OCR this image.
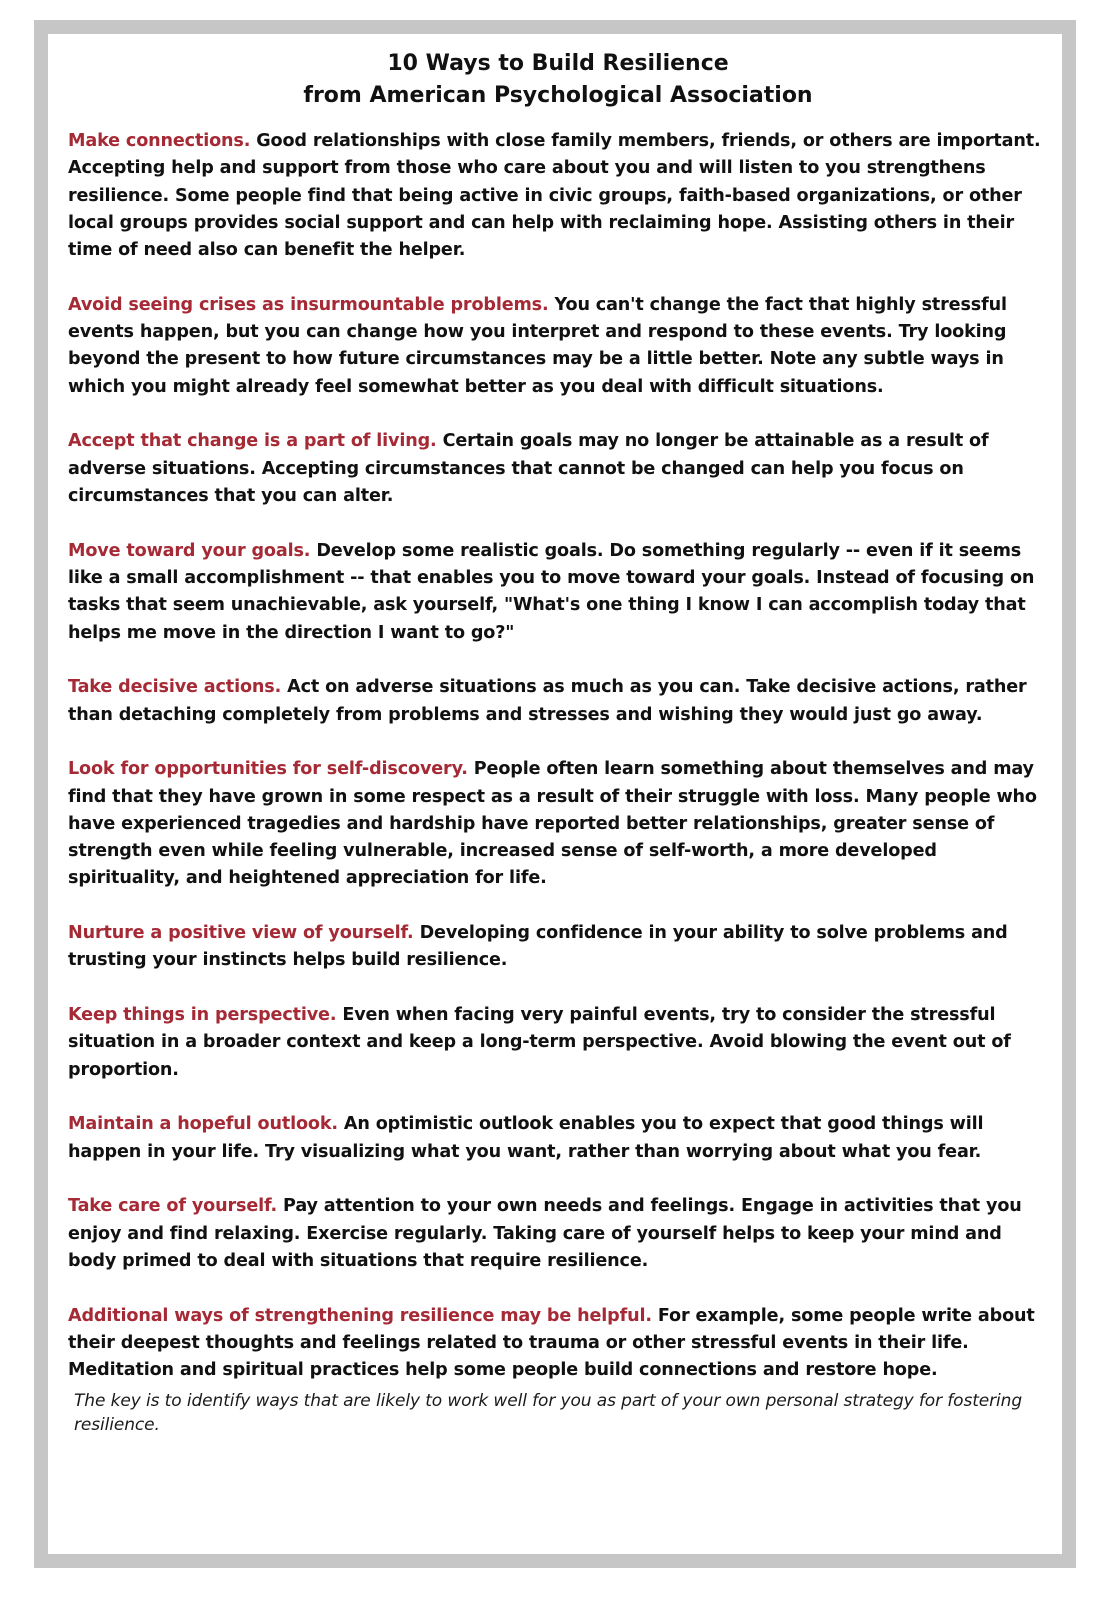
10 Ways to Build Resilience
from American Psychological Association
Make connections. Good relationships with close family members, friends, or others are important. Accepting help and support from those who care about you and will listen to you strengthens resilience. Some people find that being active in civic groups, faith-based organizations, or other local groups provides social support and can help with reclaiming hope. Assisting others in their time of need also can benefit the helper.
Avoid seeing crises as insurmountable problems. You can't change the fact that highly stressful events happen, but you can change how you interpret and respond to these events. Try looking beyond the present to how future circumstances may be a little better. Note any subtle ways in which you might already feel somewhat better as you deal with difficult situations.
Accept that change is a part of living. Certain goals may no longer be attainable as a result of adverse situations. Accepting circumstances that cannot be changed can help you focus on circumstances that you can alter.
Move toward your goals. Develop some realistic goals. Do something regularly -- even if it seems like a small accomplishment -- that enables you to move toward your goals. Instead of focusing on tasks that seem unachievable, ask yourself, "What's one thing I know I can accomplish today that helps me move in the direction I want to go?"
Take decisive actions. Act on adverse situations as much as you can. Take decisive actions, rather than detaching completely from problems and stresses and wishing they would just go away.
Look for opportunities for self-discovery. People often learn something about themselves and may find that they have grown in some respect as a result of their struggle with loss. Many people who have experienced tragedies and hardship have reported better relationships, greater sense of strength even while feeling vulnerable, increased sense of self-worth, a more developed spirituality, and heightened appreciation for life.
Nurture a positive view of yourself. Developing confidence in your ability to solve problems and trusting your instincts helps build resilience.
Keep things in perspective. Even when facing very painful events, try to consider the stressful situation in a broader context and keep a long-term perspective. Avoid blowing the event out of proportion.
Maintain a hopeful outlook. An optimistic outlook enables you to expect that good things will happen in your life. Try visualizing what you want, rather than worrying about what you fear.
Take care of yourself. Pay attention to your own needs and feelings. Engage in activities that you enjoy and find relaxing. Exercise regularly. Taking care of yourself helps to keep your mind and body primed to deal with situations that require resilience.
Additional ways of strengthening resilience may be helpful. For example, some people write about their deepest thoughts and feelings related to trauma or other stressful events in their life. Meditation and spiritual practices help some people build connections and restore hope.

The key is to identify ways that are likely to work well for you as part of your own personal strategy for fostering resilience.
